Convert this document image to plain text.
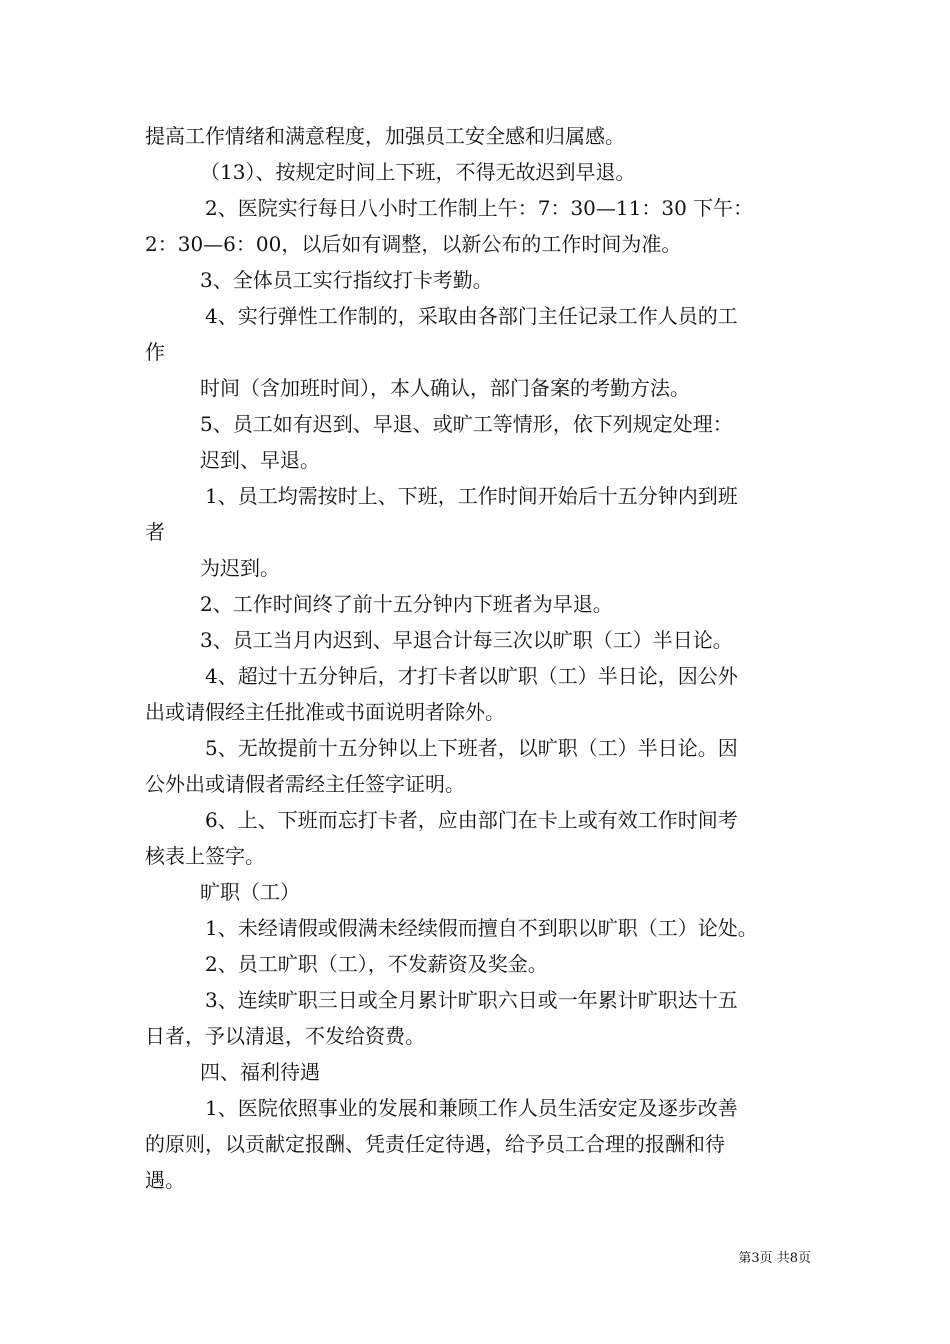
提高工作情绪和满意程度，加强员工安全感和归属感。
（13）、按规定时间上下班，不得无故迟到早退。
2、医院实行每日八小时工作制上午：7：30—11：30 下午：
2：30—6：00，以后如有调整，以新公布的工作时间为准。
3、全体员工实行指纹打卡考勤。
4、实行弹性工作制的，采取由各部门主任记录工作人员的工
作
时间（含加班时间），本人确认，部门备案的考勤方法。
5、员工如有迟到、早退、或旷工等情形，依下列规定处理：
迟到、早退。
1、员工均需按时上、下班，工作时间开始后十五分钟内到班
者
为迟到。
2、工作时间终了前十五分钟内下班者为早退。
3、员工当月内迟到、早退合计每三次以旷职（工）半日论。
4、超过十五分钟后，才打卡者以旷职（工）半日论，因公外
出或请假经主任批准或书面说明者除外。
5、无故提前十五分钟以上下班者，以旷职（工）半日论。因
公外出或请假者需经主任签字证明。
6、上、下班而忘打卡者，应由部门在卡上或有效工作时间考
核表上签字。
旷职（工）
1、未经请假或假满未经续假而擅自不到职以旷职（工）论处。
2、员工旷职（工），不发薪资及奖金。
3、连续旷职三日或全月累计旷职六日或一年累计旷职达十五
日者，予以清退，不发给资费。
四、福利待遇
1、医院依照事业的发展和兼顾工作人员生活安定及逐步改善
的原则，以贡献定报酬、凭责任定待遇，给予员工合理的报酬和待
遇。
第3页 共8页
